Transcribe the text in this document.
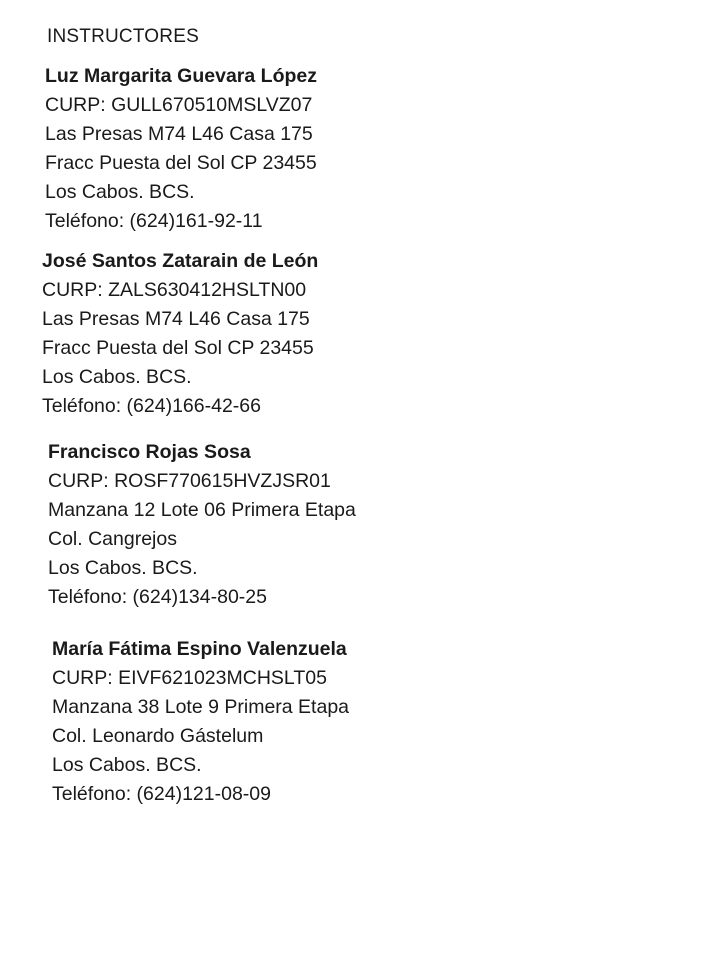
INSTRUCTORES
Luz Margarita Guevara López
CURP: GULL670510MSLVZ07
Las Presas M74 L46 Casa 175
Fracc Puesta del Sol CP 23455
Los Cabos. BCS.
Teléfono: (624)161-92-11
José Santos Zatarain de León
CURP: ZALS630412HSLTN00
Las Presas M74 L46 Casa 175
Fracc Puesta del Sol CP 23455
Los Cabos. BCS.
Teléfono: (624)166-42-66
Francisco Rojas Sosa
CURP: ROSF770615HVZJSR01
Manzana 12 Lote 06 Primera Etapa
Col. Cangrejos
Los Cabos. BCS.
Teléfono: (624)134-80-25
María Fátima Espino Valenzuela
CURP: EIVF621023MCHSLT05
Manzana 38 Lote 9 Primera Etapa
Col. Leonardo Gástelum
Los Cabos. BCS.
Teléfono: (624)121-08-09
